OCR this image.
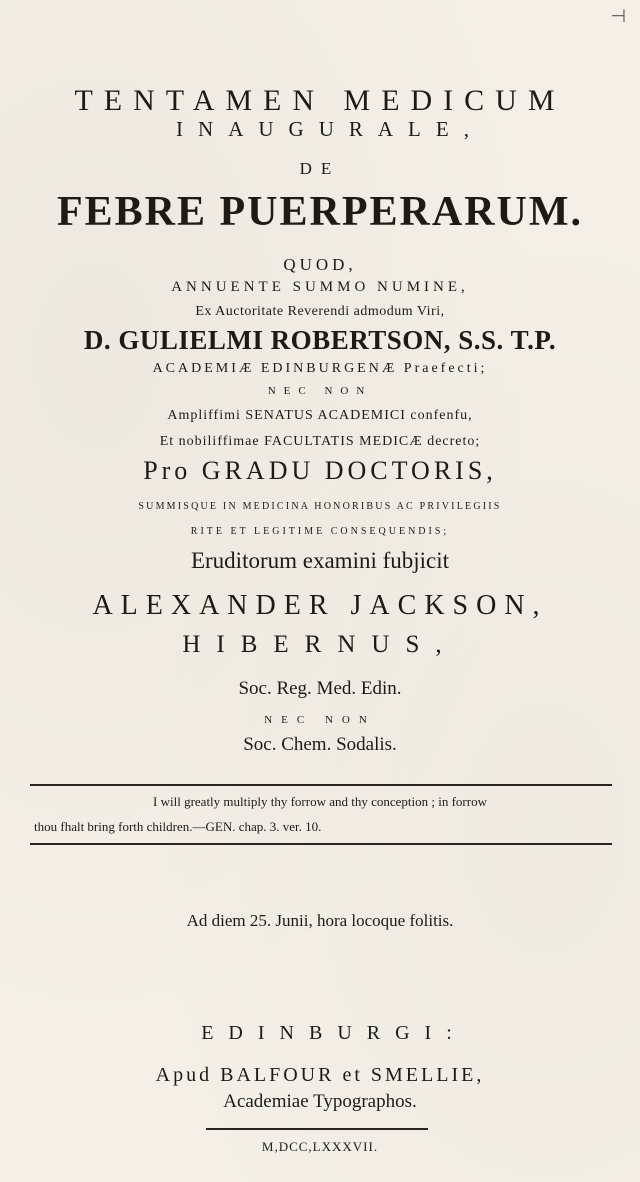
⊣
TENTAMEN MEDICUM
INAUGURALE,
DE
FEBRE PUERPERARUM.
QUOD,
ANNUENTE SUMMO NUMINE,
Ex Auctoritate Reverendi admodum Viri,
D. GULIELMI ROBERTSON, S.S. T.P.
ACADEMIÆ EDINBURGENÆ Praefecti;
NEC NON
Ampliffimi SENATUS ACADEMICI confenfu,
Et nobiliffimae FACULTATIS MEDICÆ decreto;
Pro GRADU DOCTORIS,
SUMMISQUE IN MEDICINA HONORIBUS AC PRIVILEGIIS
RITE ET LEGITIME CONSEQUENDIS;
Eruditorum examini fubjicit
ALEXANDER JACKSON,
HIBERNUS,
Soc. Reg. Med. Edin.
NEC NON
Soc. Chem. Sodalis.
I will greatly multiply thy forrow and thy conception ; in forrow
thou fhalt bring forth children.—GEN. chap. 3. ver. 10.
Ad diem 25. Junii, hora locoque folitis.
EDINBURGI:
Apud BALFOUR et SMELLIE,
Academiae Typographos.
M,DCC,LXXXVII.
